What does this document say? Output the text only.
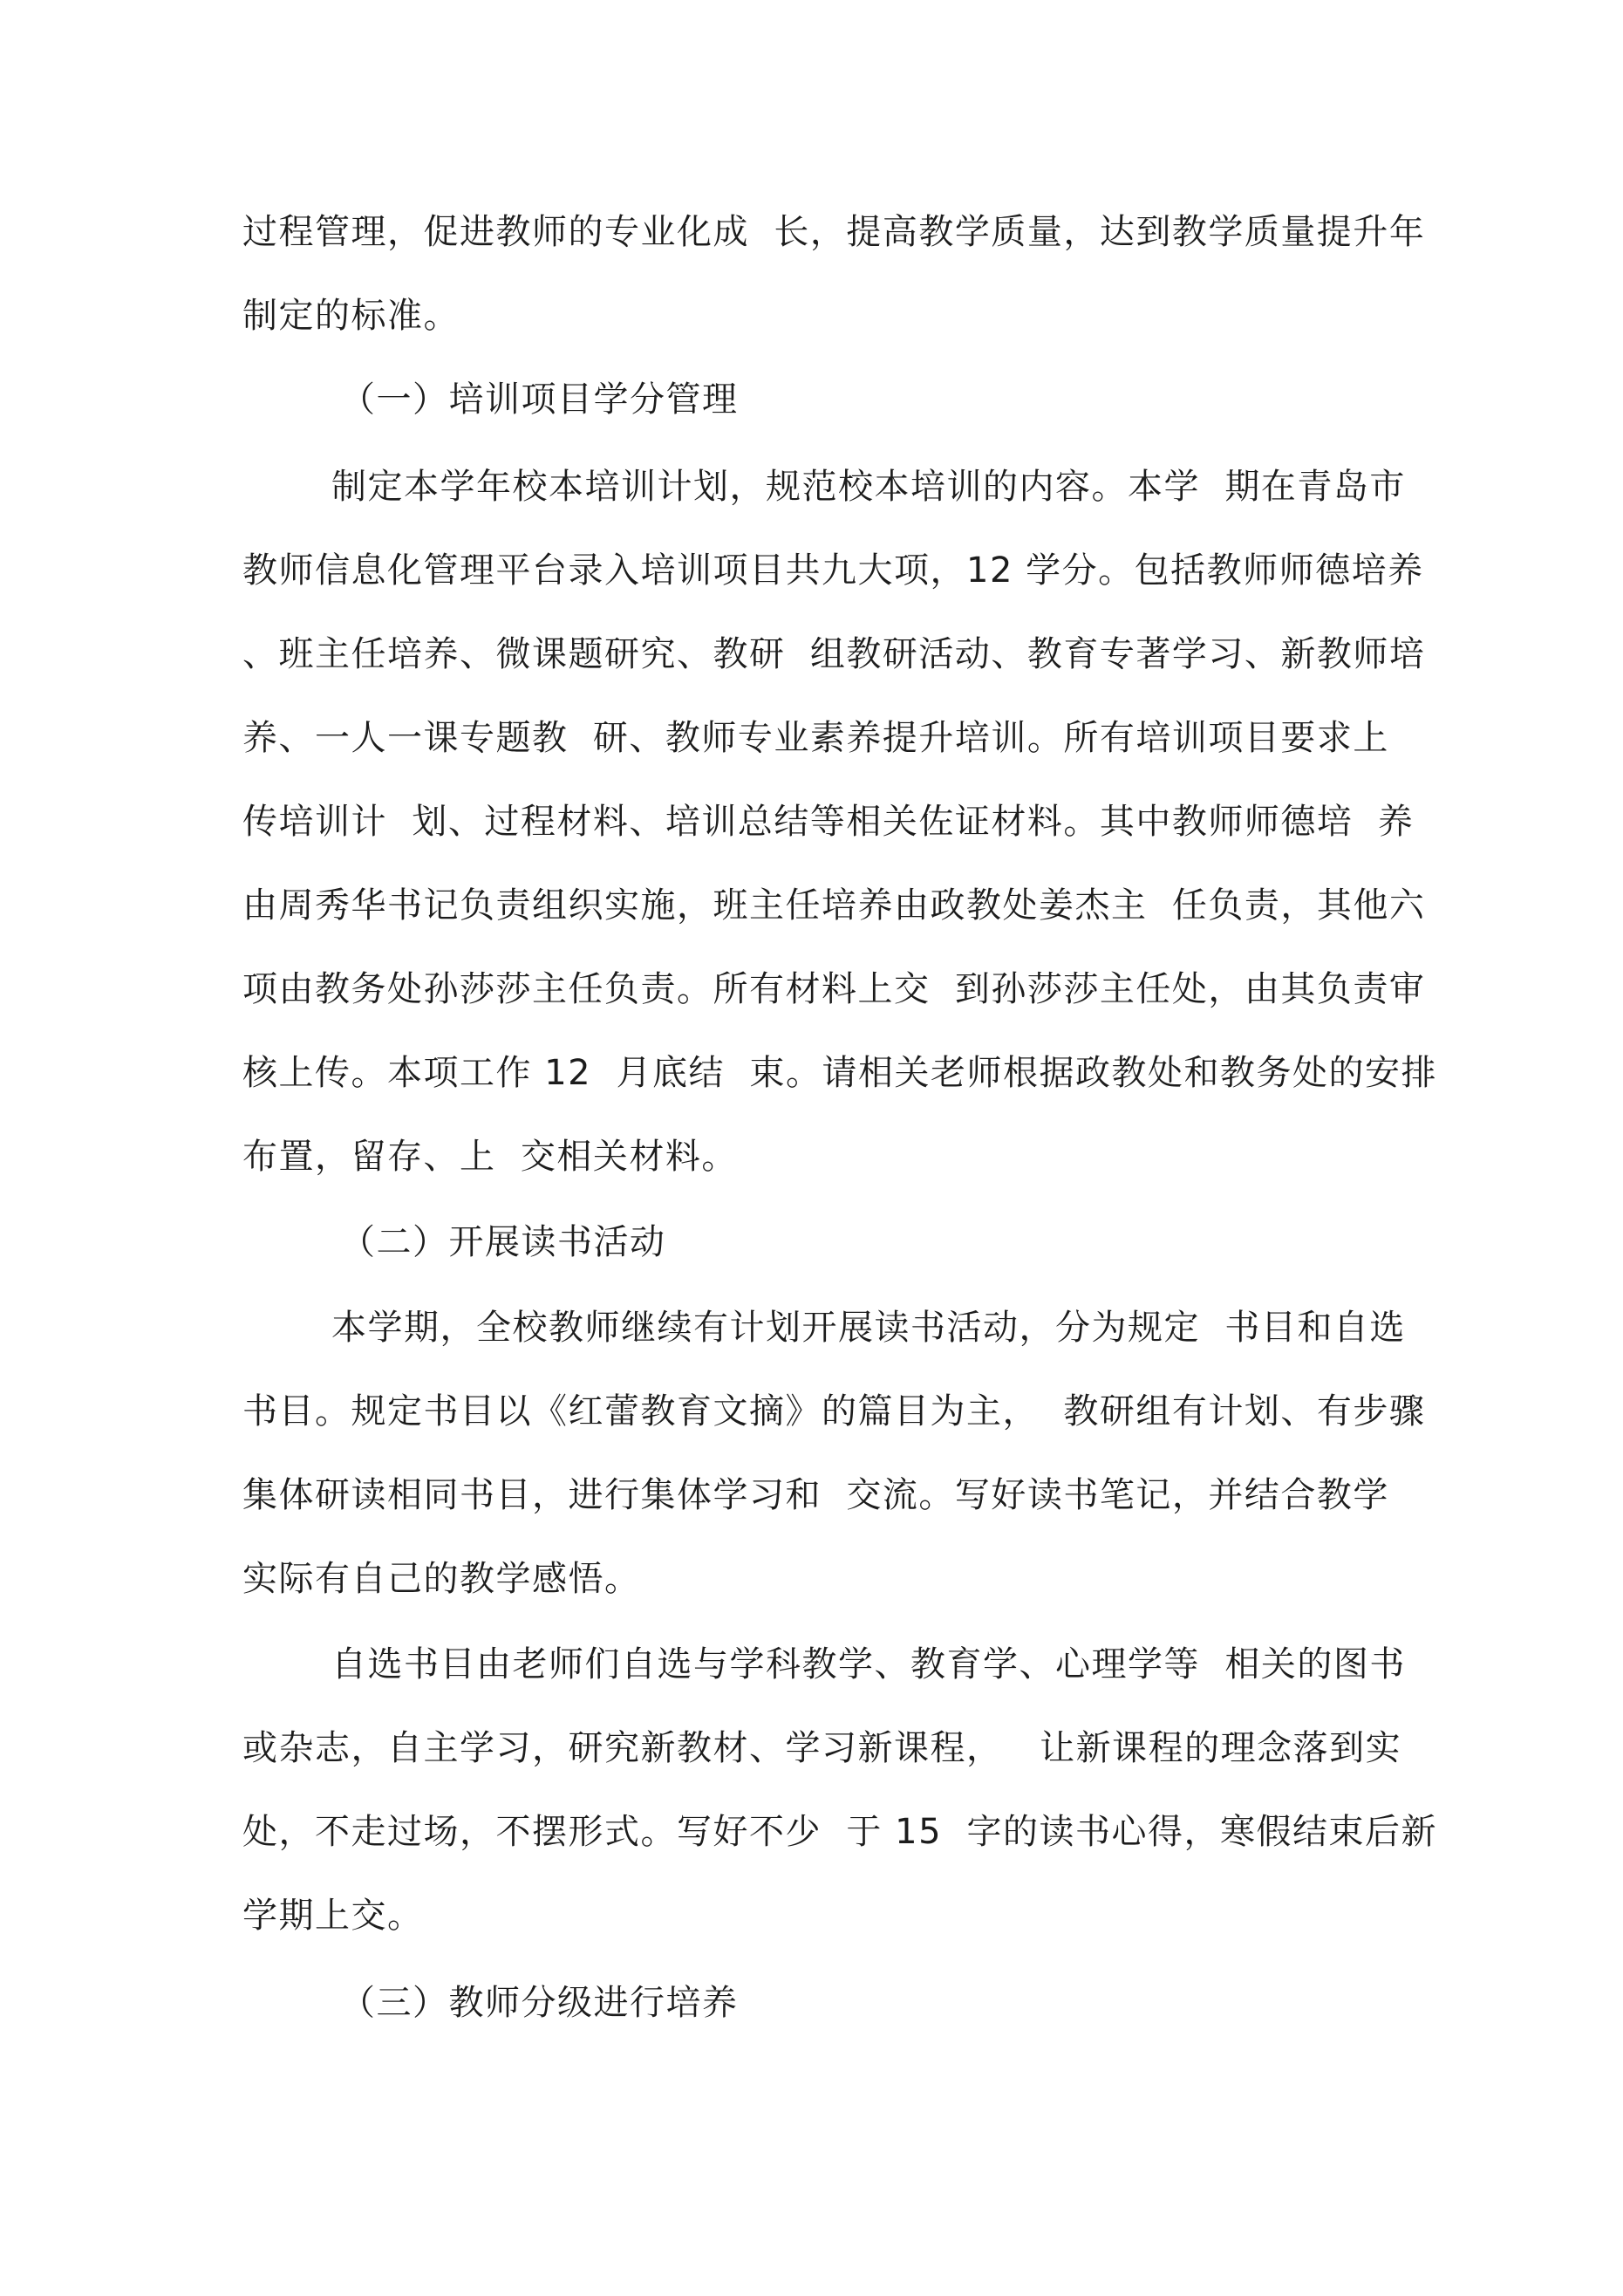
过程管理，促进教师的专业化成  长，提高教学质量，达到教学质量提升年
制定的标准。
（一）培训项目学分管理
制定本学年校本培训计划，规范校本培训的内容。本学  期在青岛市
教师信息化管理平台录入培训项目共九大项，12 学分。包括教师师德培养
、班主任培养、微课题研究、教研  组教研活动、教育专著学习、新教师培
养、一人一课专题教  研、教师专业素养提升培训。所有培训项目要求上
传培训计  划、过程材料、培训总结等相关佐证材料。其中教师师德培  养
由周秀华书记负责组织实施，班主任培养由政教处姜杰主  任负责，其他六
项由教务处孙莎莎主任负责。所有材料上交  到孙莎莎主任处，由其负责审
核上传。本项工作 12  月底结  束。请相关老师根据政教处和教务处的安排
布置，留存、上  交相关材料。
（二）开展读书活动
本学期，全校教师继续有计划开展读书活动，分为规定  书目和自选
书目。规定书目以《红蕾教育文摘》的篇目为主，  教研组有计划、有步骤
集体研读相同书目，进行集体学习和  交流。写好读书笔记，并结合教学
实际有自己的教学感悟。
自选书目由老师们自选与学科教学、教育学、心理学等  相关的图书
或杂志，自主学习，研究新教材、学习新课程，   让新课程的理念落到实
处，不走过场，不摆形式。写好不少  于 15  字的读书心得，寒假结束后新
学期上交。
（三）教师分级进行培养
